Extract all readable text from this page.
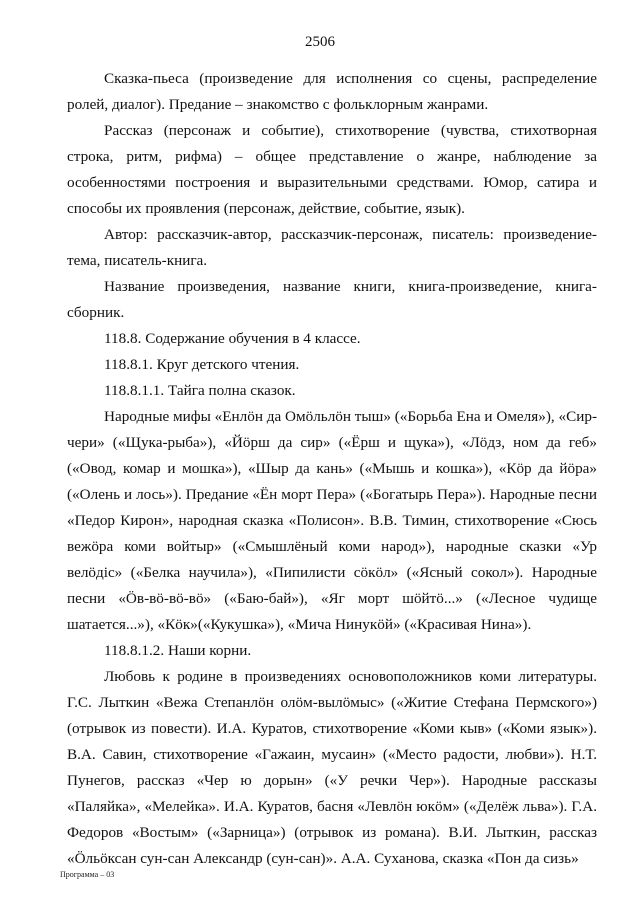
2506

Сказка-пьеса (произведение для исполнения со сцены, распределение ролей, диалог). Предание – знакомство с фольклорным жанрами.

Рассказ (персонаж и событие), стихотворение (чувства, стихотворная строка, ритм, рифма) – общее представление о жанре, наблюдение за особенностями построения и выразительными средствами. Юмор, сатира и способы их проявления (персонаж, действие, событие, язык).

Автор: рассказчик-автор, рассказчик-персонаж, писатель: произведение-тема, писатель-книга.

Название произведения, название книги, книга-произведение, книга-сборник.

118.8. Содержание обучения в 4 классе.

118.8.1. Круг детского чтения.

118.8.1.1. Тайга полна сказок.

Народные мифы «Енлӧн да Омӧльлӧн тыш» («Борьба Ена и Омеля»), «Сир-чери» («Щука-рыба»), «Йӧрш да сир» («Ёрш и щука»), «Лӧдз, ном да геб» («Овод, комар и мошка»), «Шыр да кань» («Мышь и кошка»), «Кӧр да йӧра» («Олень и лось»). Предание «Ён морт Пера» («Богатырь Пера»). Народные песни «Педор Кирон», народная сказка «Полисон». В.В. Тимин, стихотворение «Сюсь вежӧра коми войтыр» («Смышлёный коми народ»), народные сказки «Ур велӧдiс» («Белка научила»), «Пипилисти сӧкӧл» («Ясный сокол»). Народные песни «Ӧв-вӧ-вӧ-вӧ» («Баю-бай»), «Яг морт шӧйтӧ...» («Лесное чудище шатается...»), «Кӧк»(«Кукушка»), «Мича Нинукӧй» («Красивая Нина»).

118.8.1.2. Наши корни.

Любовь к родине в произведениях основоположников коми литературы. Г.С. Лыткин «Вежа Степанлӧн олӧм-вылӧмыс» («Житие Стефана Пермского») (отрывок из повести). И.А. Куратов, стихотворение «Коми кыв» («Коми язык»). В.А. Савин, стихотворение «Гажаин, мусаин» («Место радости, любви»). Н.Т. Пунегов, рассказ «Чер ю дорын» («У речки Чер»). Народные рассказы «Паляйка», «Мелейка». И.А. Куратов, басня «Левлӧн юкӧм» («Делёж льва»). Г.А. Федоров «Востым» («Зарница») (отрывок из романа). В.И. Лыткин, рассказ «Ӧльӧксан сун-сан Александр (сун-сан)». А.А. Суханова, сказка «Пон да сизь»

Программа – 03
